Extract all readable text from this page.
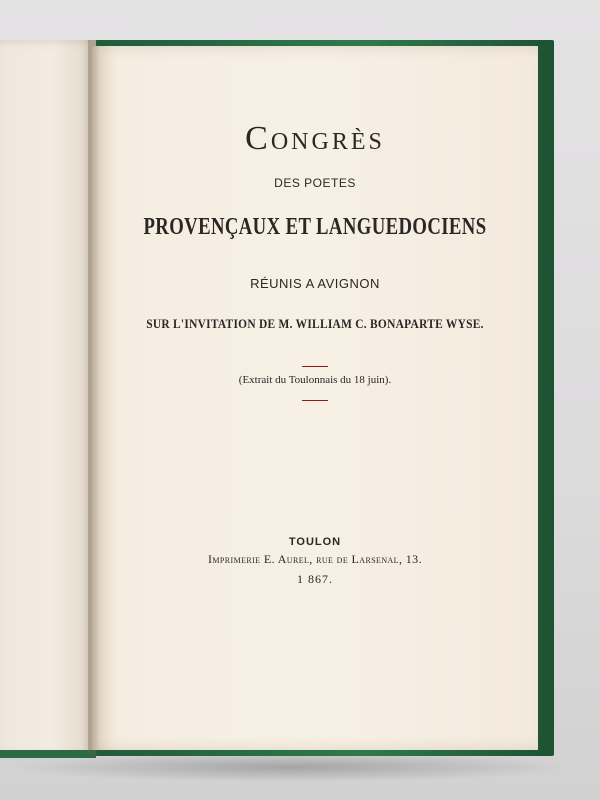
Congrès
DES POETES
PROVENÇAUX ET LANGUEDOCIENS
RÉUNIS A AVIGNON
SUR L'INVITATION DE M. WILLIAM C. BONAPARTE WYSE.
(Extrait du Toulonnais du 18 juin).
TOULON
Imprimerie E. Aurel, rue de Larsenal, 13.
1 867.
